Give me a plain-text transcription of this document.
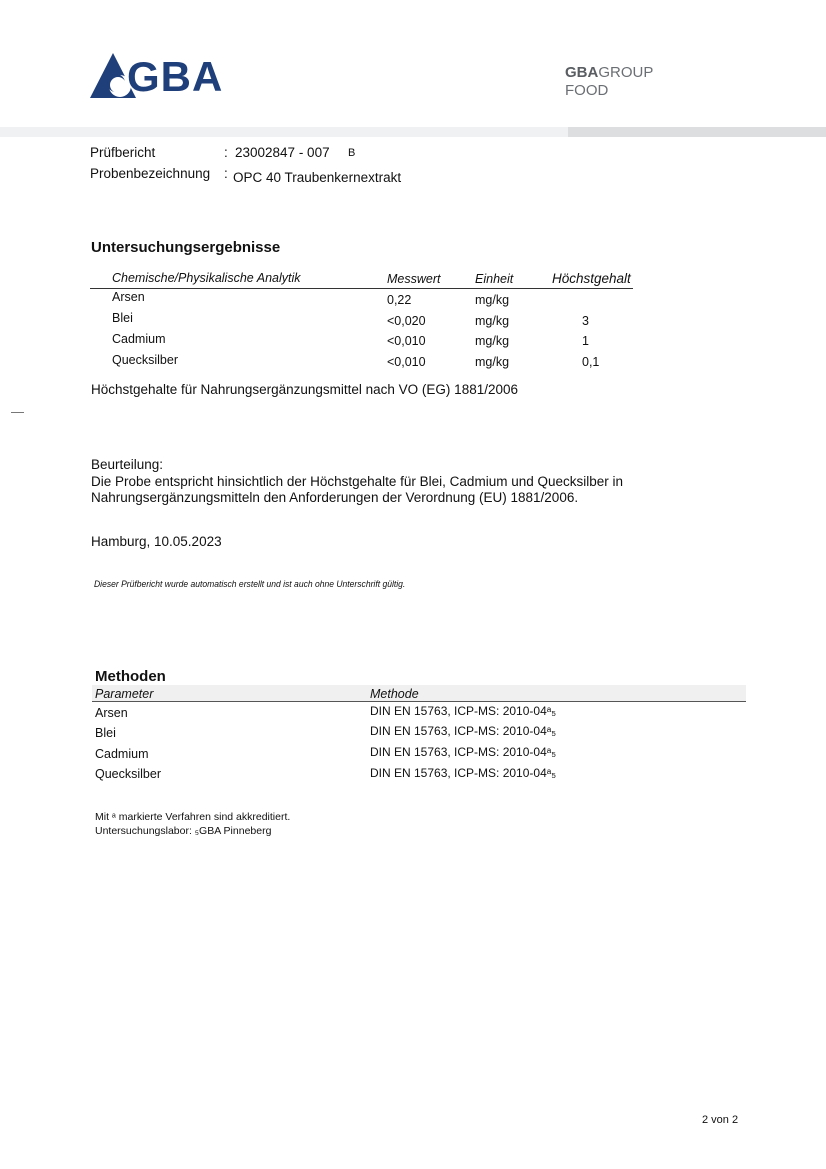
GBA	GBAGROUP
FOOD
Prüfbericht	: 23002847 - 007 B
Probenbezeichnung : OPC 40 Traubenkernextrakt
Untersuchungsergebnisse
Chemische/Physikalische Analytik	Messwert	Einheit	Höchstgehalt
Arsen	0,22	mg/kg
Blei	<0,020	mg/kg	3
Cadmium	<0,010	mg/kg	1
Quecksilber	<0,010	mg/kg	0,1
Höchstgehalte für Nahrungsergänzungsmittel nach VO (EG) 1881/2006
Beurteilung:
Die Probe entspricht hinsichtlich der Höchstgehalte für Blei, Cadmium und Quecksilber in
Nahrungsergänzungsmitteln den Anforderungen der Verordnung (EU) 1881/2006.
Hamburg, 10.05.2023
Dieser Prüfbericht wurde automatisch erstellt und ist auch ohne Unterschrift gültig.
Methoden
Parameter	Methode
Arsen	DIN EN 15763, ICP-MS: 2010-04ᵃ₅
Blei	DIN EN 15763, ICP-MS: 2010-04ᵃ₅
Cadmium	DIN EN 15763, ICP-MS: 2010-04ᵃ₅
Quecksilber	DIN EN 15763, ICP-MS: 2010-04ᵃ₅
Mit ᵃ markierte Verfahren sind akkreditiert.
Untersuchungslabor: ₅GBA Pinneberg
2 von 2
